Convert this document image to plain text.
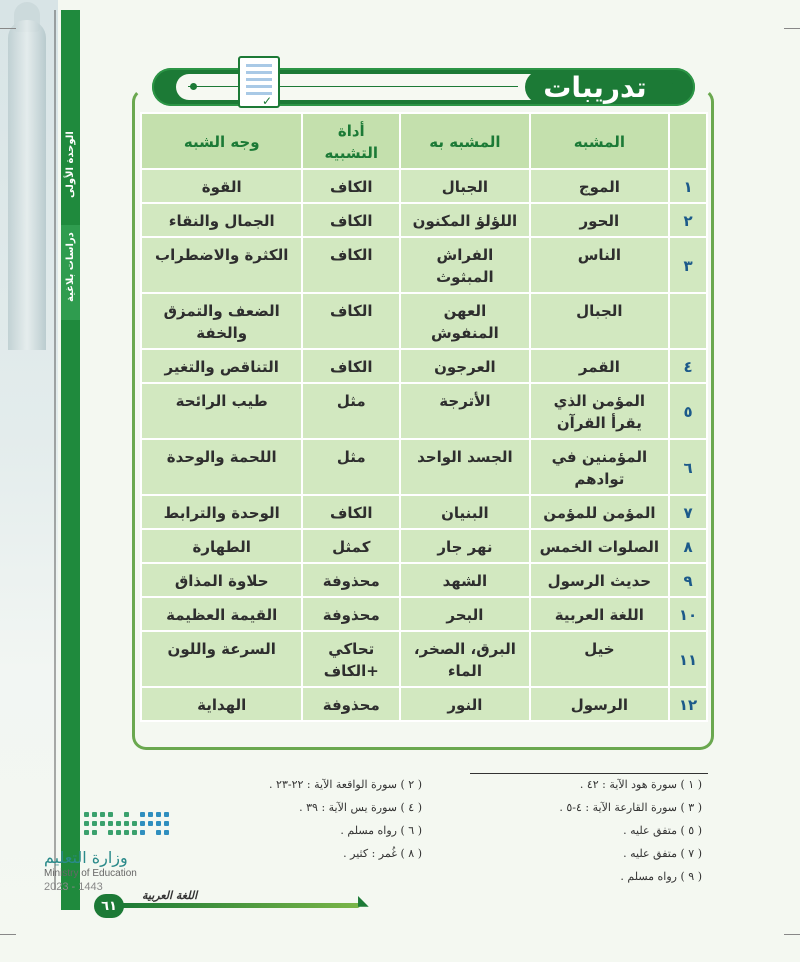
الوحدة الأولى
دراسات بلاغية
تدريبات
✓
	المشبه	المشبه به	أداة التشبيه	وجه الشبه
١	الموج	الجبال	الكاف	القوة
٢	الحور	اللؤلؤ المكنون	الكاف	الجمال والنقاء
٣	الناس	الفراش المبثوث	الكاف	الكثرة والاضطراب
	الجبال	العهن المنفوش	الكاف	الضعف والتمزق والخفة
٤	القمر	العرجون	الكاف	التناقص والتغير
٥	المؤمن الذي يقرأ القرآن	الأترجة	مثل	طيب الرائحة
٦	المؤمنين في توادهم	الجسد الواحد	مثل	اللحمة والوحدة
٧	المؤمن للمؤمن	البنيان	الكاف	الوحدة والترابط
٨	الصلوات الخمس	نهر جار	كمثل	الطهارة
٩	حديث الرسول	الشهد	محذوفة	حلاوة المذاق
١٠	اللغة العربية	البحر	محذوفة	القيمة العظيمة
١١	خيل	البرق، الصخر، الماء	تحاكي +الكاف	السرعة واللون
١٢	الرسول	النور	محذوفة	الهداية
( ١ ) سورة هود الآية : ٤٢ .
( ٣ ) سورة القارعة الآية : ٤-٥ .
( ٥ ) متفق عليه .
( ٧ ) متفق عليه .
( ٩ ) رواه مسلم .
( ٢ ) سورة الواقعة الآية : ٢٢-٢٣ .
( ٤ ) سورة يس الآية : ٣٩ .
( ٦ ) رواه مسلم .
( ٨ ) غُمر : كثير .
وزارة التعليم
Ministry of Education
2023 - 1443
٦١
اللغة العربية	◣
